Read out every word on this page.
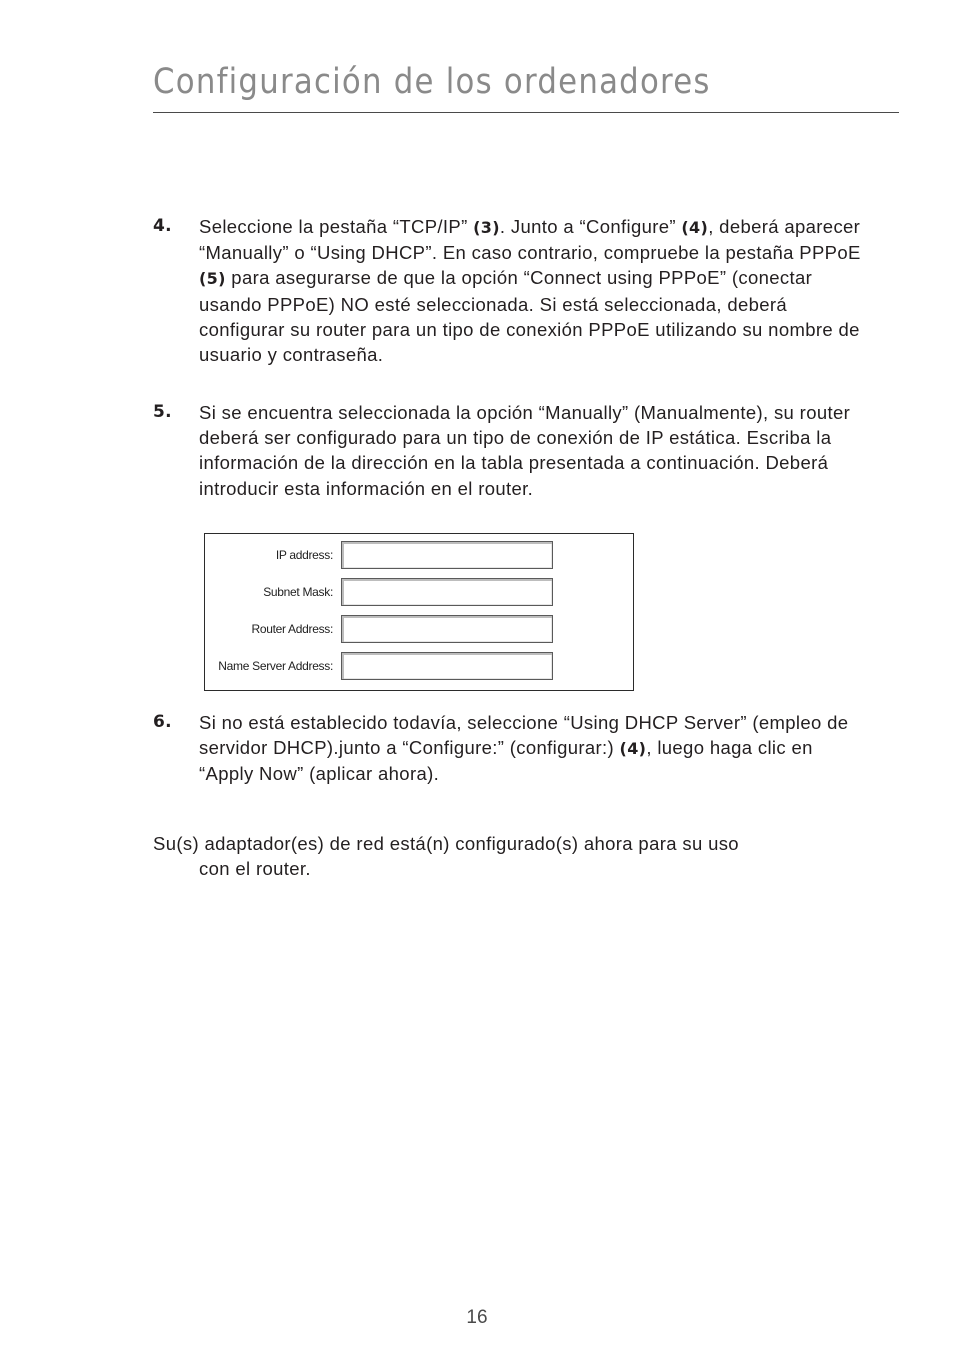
Configuración de los ordenadores
4. Seleccione la pestaña “TCP/IP” (3). Junto a “Configure” (4), deberá aparecer “Manually” o “Using DHCP”. En caso contrario, compruebe la pestaña PPPoE (5) para asegurarse de que la opción “Connect using PPPoE” (conectar usando PPPoE) NO esté seleccionada. Si está seleccionada, deberá configurar su router para un tipo de conexión PPPoE utilizando su nombre de usuario y contraseña.
5. Si se encuentra seleccionada la opción “Manually” (Manualmente), su router deberá ser configurado para un tipo de conexión de IP estática. Escriba la información de la dirección en la tabla presentada a continuación. Deberá introducir esta información en el router.
IP address:
Subnet Mask:
Router Address:
Name Server Address:
6. Si no está establecido todavía, seleccione “Using DHCP Server” (empleo de servidor DHCP).junto a “Configure:” (configurar:) (4), luego haga clic en “Apply Now” (aplicar ahora).
Su(s) adaptador(es) de red está(n) configurado(s) ahora para su uso
con el router.
16
